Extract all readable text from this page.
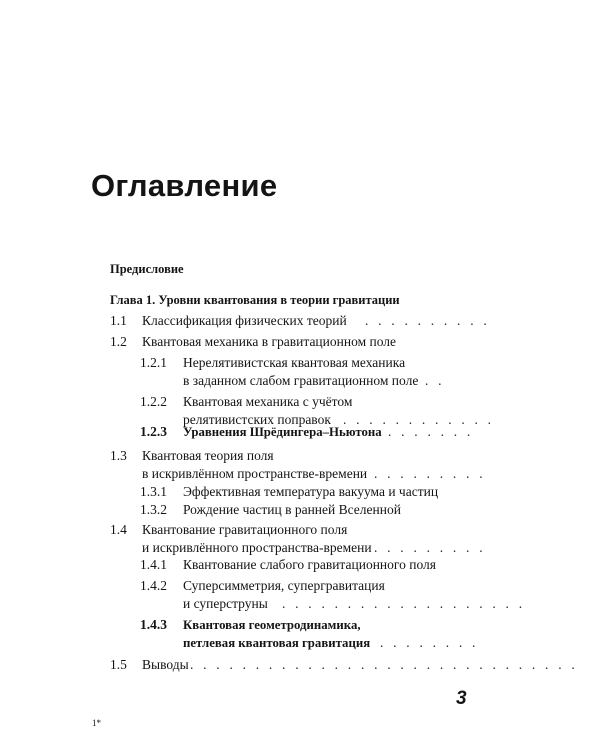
Оглавление
Предисловие
Глава 1. Уровни квантования в теории гравитации
1.1 Классификация физических теорий . . . . . . . . . .
1.2 Квантовая механика в гравитационном поле
1.2.1 Нерелятивистская квантовая механика
в заданном слабом гравитационном поле . .
1.2.2 Квантовая механика с учётом
релятивистских поправок . . . . . . . . . . . .
1.2.3 Уравнения Шрёдингера–Ньютона . . . . . . .
1.3 Квантовая теория поля
в искривлённом пространстве-времени . . . . . . . . .
1.3.1 Эффективная температура вакуума и частиц
1.3.2 Рождение частиц в ранней Вселенной
1.4 Квантование гравитационного поля
и искривлённого пространства-времени . . . . . . . . .
1.4.1 Квантование слабого гравитационного поля
1.4.2 Суперсимметрия, супергравитация
и суперструны . . . . . . . . . . . . . . . . . . .
1.4.3 Квантовая геометродинамика,
петлевая квантовая гравитация . . . . . . . .
1.5 Выводы . . . . . . . . . . . . . . . . . . . . . . . . . . . . . .
3
1*
